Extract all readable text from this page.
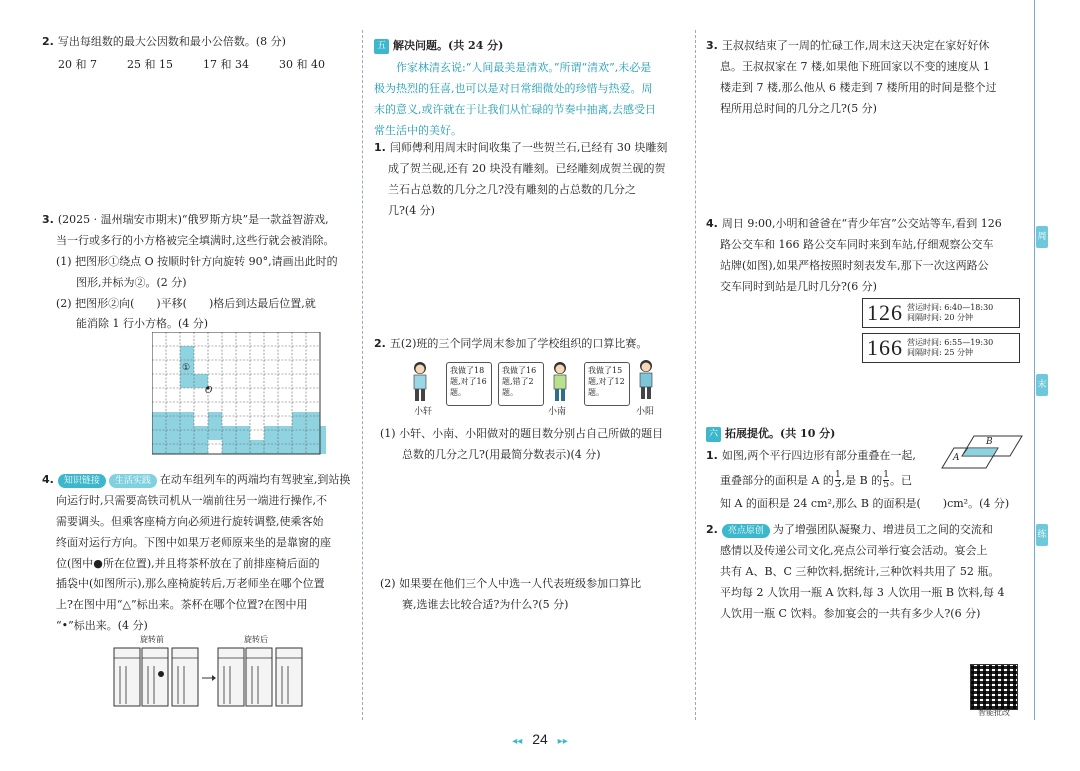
2. 写出每组数的最大公因数和最小公倍数。(8 分)
20 和 7	25 和 15	17 和 34	30 和 40
3. (2025 · 温州瑞安市期末)“俄罗斯方块”是一款益智游戏,
当一行或多行的小方格被完全填满时,这些行就会被消除。
(1) 把图形①绕点 O 按顺时针方向旋转 90°,请画出此时的
图形,并标为②。(2 分)
(2) 把图形②向(　　)平移(　　)格后到达最后位置,就
能消除 1 行小方格。(4 分)
①
O
4. 知识链接 生活实践 在动车组列车的两端均有驾驶室,到站换
向运行时,只需要高铁司机从一端前往另一端进行操作,不
需要调头。但乘客座椅方向必须进行旋转调整,使乘客始
终面对运行方向。下图中如果万老师原来坐的是靠窗的座
位(图中●所在位置),并且将茶杯放在了前排座椅后面的
插袋中(如图所示),那么座椅旋转后,万老师坐在哪个位置
上?在图中用“△”标出来。茶杯在哪个位置?在图中用
“•”标出来。(4 分)
旋转前	旋转后
五 解决问题。(共 24 分)
作家林清玄说:“人间最美是清欢。”所谓“清欢”,未必是
极为热烈的狂喜,也可以是对日常细微处的珍惜与热爱。周
末的意义,或许就在于让我们从忙碌的节奏中抽离,去感受日
常生活中的美好。
1. 闫师傅利用周末时间收集了一些贺兰石,已经有 30 块雕刻
成了贺兰砚,还有 20 块没有雕刻。已经雕刻成贺兰砚的贺
兰石占总数的几分之几?没有雕刻的占总数的几分之
几?(4 分)
2. 五(2)班的三个同学周末参加了学校组织的口算比赛。
我做了18题,对了16题。
我做了16题,错了2题。
我做了15题,对了12题。
小轩	小南	小阳
(1) 小轩、小南、小阳做对的题目数分别占自己所做的题目
总数的几分之几?(用最简分数表示)(4 分)
(2) 如果要在他们三个人中选一人代表班级参加口算比
赛,选谁去比较合适?为什么?(5 分)
3. 王叔叔结束了一周的忙碌工作,周末这天决定在家好好休
息。王叔叔家在 7 楼,如果他下班回家以不变的速度从 1
楼走到 7 楼,那么他从 6 楼走到 7 楼所用的时间是整个过
程所用总时间的几分之几?(5 分)
4. 周日 9:00,小明和爸爸在“青少年宫”公交站等车,看到 126
路公交车和 166 路公交车同时来到车站,仔细观察公交车
站牌(如图),如果严格按照时刻表发车,那下一次这两路公
交车同时到站是几时几分?(6 分)
六 拓展提优。(共 10 分)
1. 如图,两个平行四边形有部分重叠在一起,
重叠部分的面积是 A 的 $\frac{1}{3}$ ,是 B 的 $\frac{1}{5}$ 。已
知 A 的面积是 24 cm²,那么 B 的面积是(　　)cm²。(4 分)
2. 亮点原创 为了增强团队凝聚力、增进员工之间的交流和
感情以及传递公司文化,亮点公司举行宴会活动。宴会上
共有 A、B、C 三种饮料,据统计,三种饮料共用了 52 瓶。
平均每 2 人饮用一瓶 A 饮料,每 3 人饮用一瓶 B 饮料,每 4
人饮用一瓶 C 饮料。参加宴会的一共有多少人?(6 分)
126 营运时间: 6:40—18:30
间隔时间: 20 分钟
166 营运时间: 6:55—19:30
间隔时间: 25 分钟
A
B
智能批改
周
末
练
◂◂ 24 ▸▸
